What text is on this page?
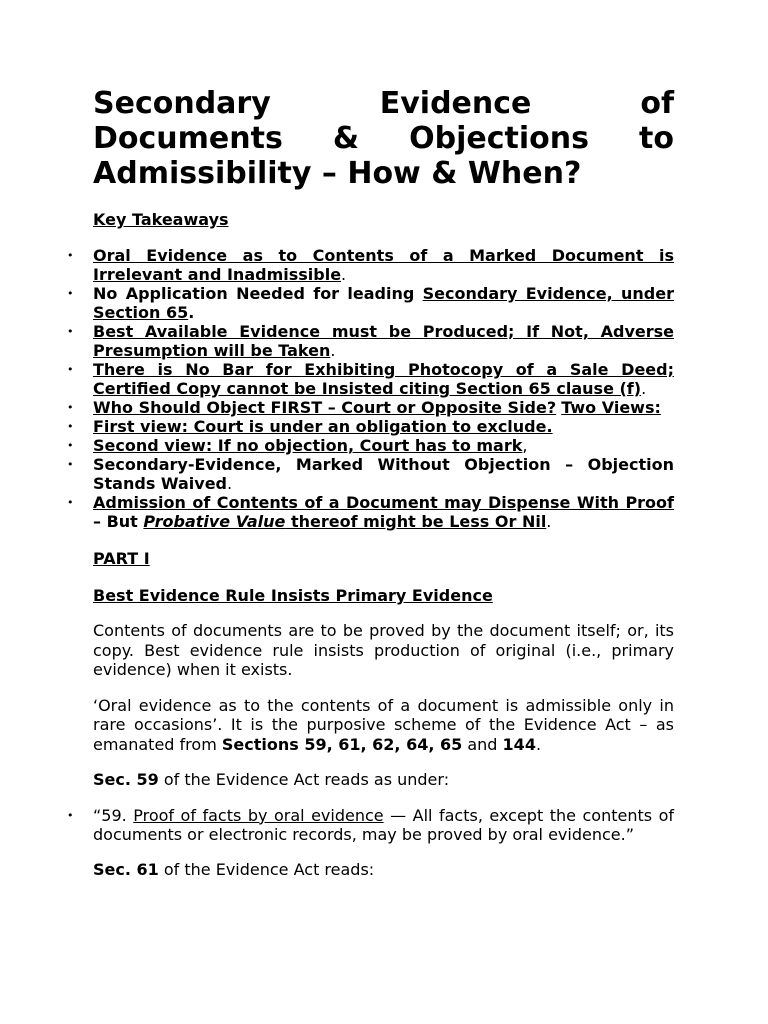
Secondary Evidence of Documents & Objections to Admissibility – How & When?
Key Takeaways
• Oral Evidence as to Contents of a Marked Document is Irrelevant and Inadmissible.
• No Application Needed for leading Secondary Evidence, under Section 65.
• Best Available Evidence must be Produced; If Not, Adverse Presumption will be Taken.
• There is No Bar for Exhibiting Photocopy of a Sale Deed; Certified Copy cannot be Insisted citing Section 65 clause (f).
• Who Should Object FIRST – Court or Opposite Side? Two Views:
• First view: Court is under an obligation to exclude.
• Second view: If no objection, Court has to mark,
• Secondary-Evidence, Marked Without Objection – Objection Stands Waived.
• Admission of Contents of a Document may Dispense With Proof – But Probative Value thereof might be Less Or Nil.
PART I
Best Evidence Rule Insists Primary Evidence

Contents of documents are to be proved by the document itself; or, its copy. Best evidence rule insists production of original (i.e., primary evidence) when it exists.

‘Oral evidence as to the contents of a document is admissible only in rare occasions’. It is the purposive scheme of the Evidence Act – as emanated from Sections 59, 61, 62, 64, 65 and 144.

Sec. 59 of the Evidence Act reads as under:

• “59. Proof of facts by oral evidence — All facts, except the contents of documents or electronic records, may be proved by oral evidence.”

Sec. 61 of the Evidence Act reads:
